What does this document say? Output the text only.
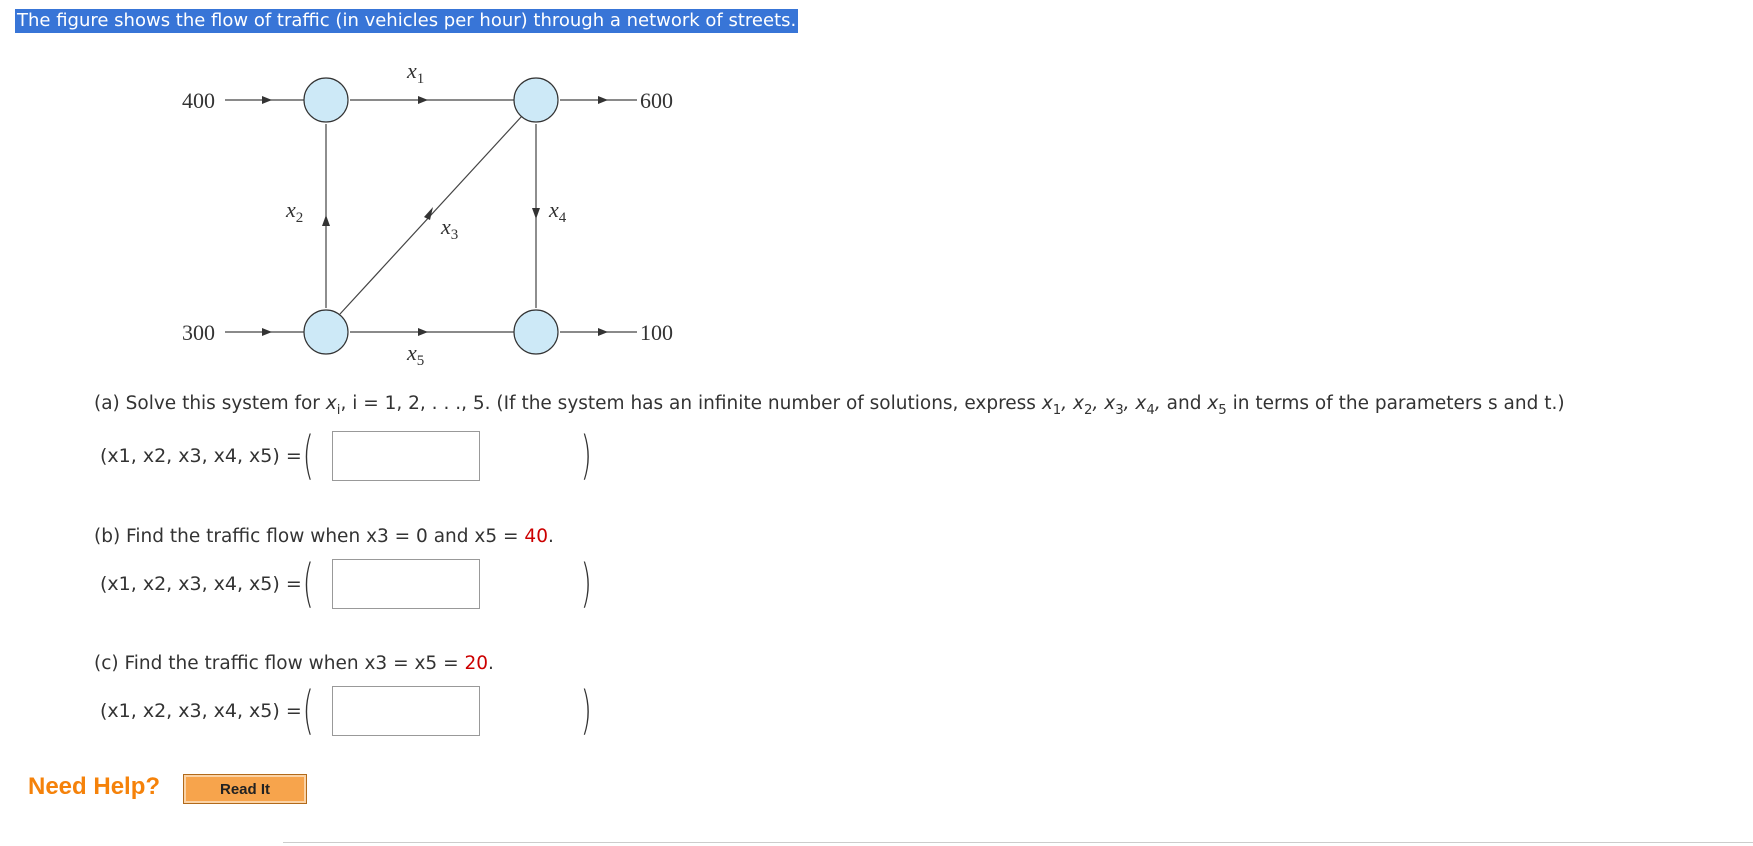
The figure shows the flow of traffic (in vehicles per hour) through a network of streets.
400
300
600
100
$x_1$
$x_2$	$x_3$
$x_4$
$x_5$
(a) Solve this system for $x_i$, i = 1, 2, . . ., 5. (If the system has an infinite number of solutions, express $x_1$, $x_2$, $x_3$, $x_4$, and $x_5$ in terms of the parameters s and t.)
(x1, x2, x3, x4, x5) = (	)
(b) Find the traffic flow when x3 = 0 and x5 = 40.
(x1, x2, x3, x4, x5) = (	)
(c) Find the traffic flow when x3 = x5 = 20.
(x1, x2, x3, x4, x5) = (	)
Need Help?	Read It
